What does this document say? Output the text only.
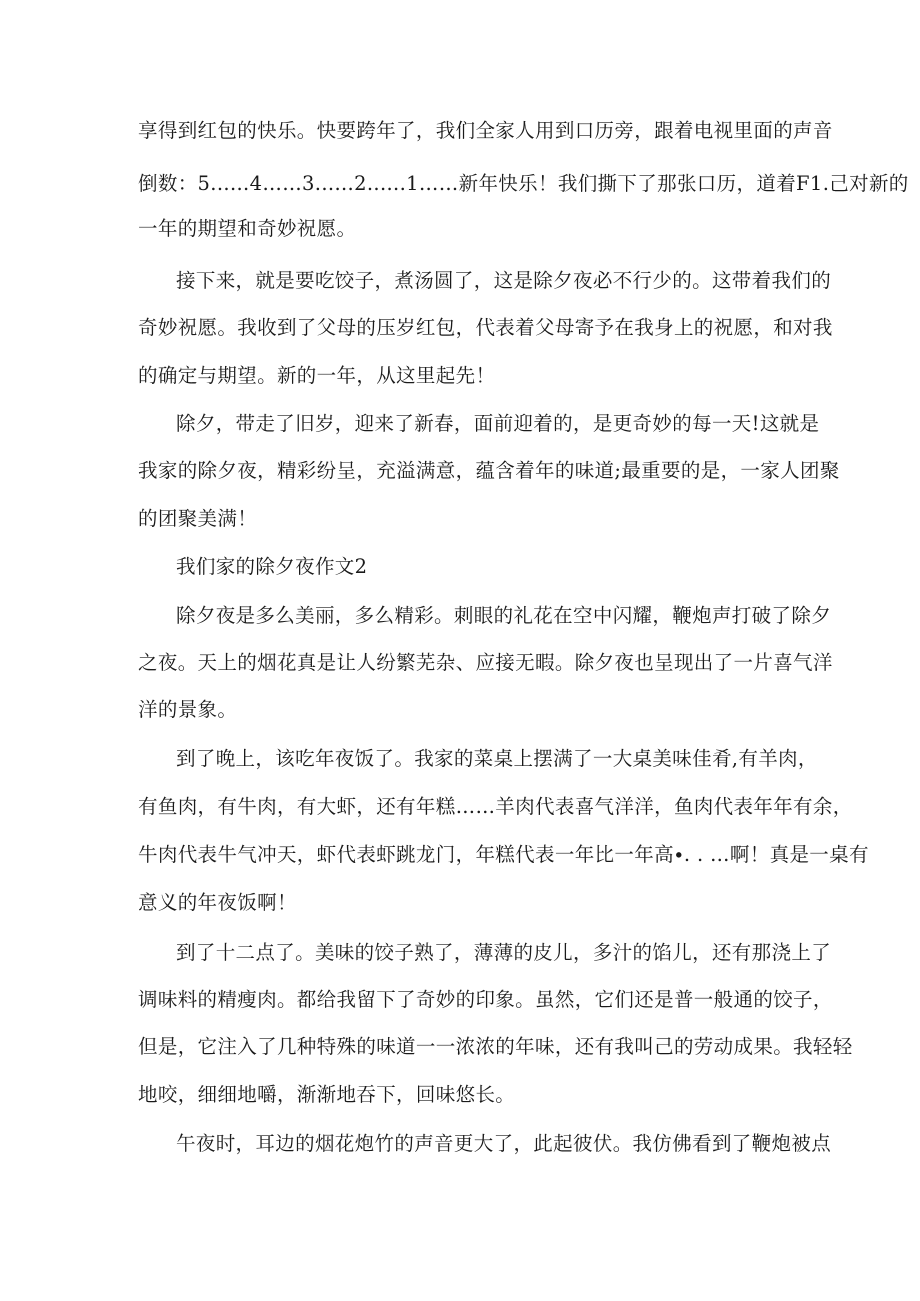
享得到红包的快乐。快要跨年了，我们全家人用到口历旁，跟着电视里面的声音
倒数：5......4……3......2......1……新年快乐！我们撕下了那张口历，道着F1.己对新的
一年的期望和奇妙祝愿。
接下来，就是要吃饺子，煮汤圆了，这是除夕夜必不行少的。这带着我们的
奇妙祝愿。我收到了父母的压岁红包，代表着父母寄予在我身上的祝愿，和对我
的确定与期望。新的一年，从这里起先！
除夕，带走了旧岁，迎来了新春，面前迎着的，是更奇妙的每一天!这就是
我家的除夕夜，精彩纷呈，充溢满意，蕴含着年的味道;最重要的是，一家人团聚
的团聚美满！
我们家的除夕夜作文2
除夕夜是多么美丽，多么精彩。刺眼的礼花在空中闪耀，鞭炮声打破了除夕
之夜。天上的烟花真是让人纷繁芜杂、应接无暇。除夕夜也呈现出了一片喜气洋
洋的景象。
到了晚上，该吃年夜饭了。我家的菜桌上摆满了一大桌美味佳肴,有羊肉，
有鱼肉，有牛肉，有大虾，还有年糕……羊肉代表喜气洋洋，鱼肉代表年年有余，
牛肉代表牛气冲天，虾代表虾跳龙门，年糕代表一年比一年高∙. . …啊！真是一桌有
意义的年夜饭啊！
到了十二点了。美味的饺子熟了，薄薄的皮儿，多汁的馅儿，还有那浇上了
调味料的精瘦肉。都给我留下了奇妙的印象。虽然，它们还是普一般通的饺子，
但是，它注入了几种特殊的味道一一浓浓的年味，还有我叫己的劳动成果。我轻轻
地咬，细细地嚼，渐渐地吞下，回味悠长。
午夜时，耳边的烟花炮竹的声音更大了，此起彼伏。我仿佛看到了鞭炮被点
